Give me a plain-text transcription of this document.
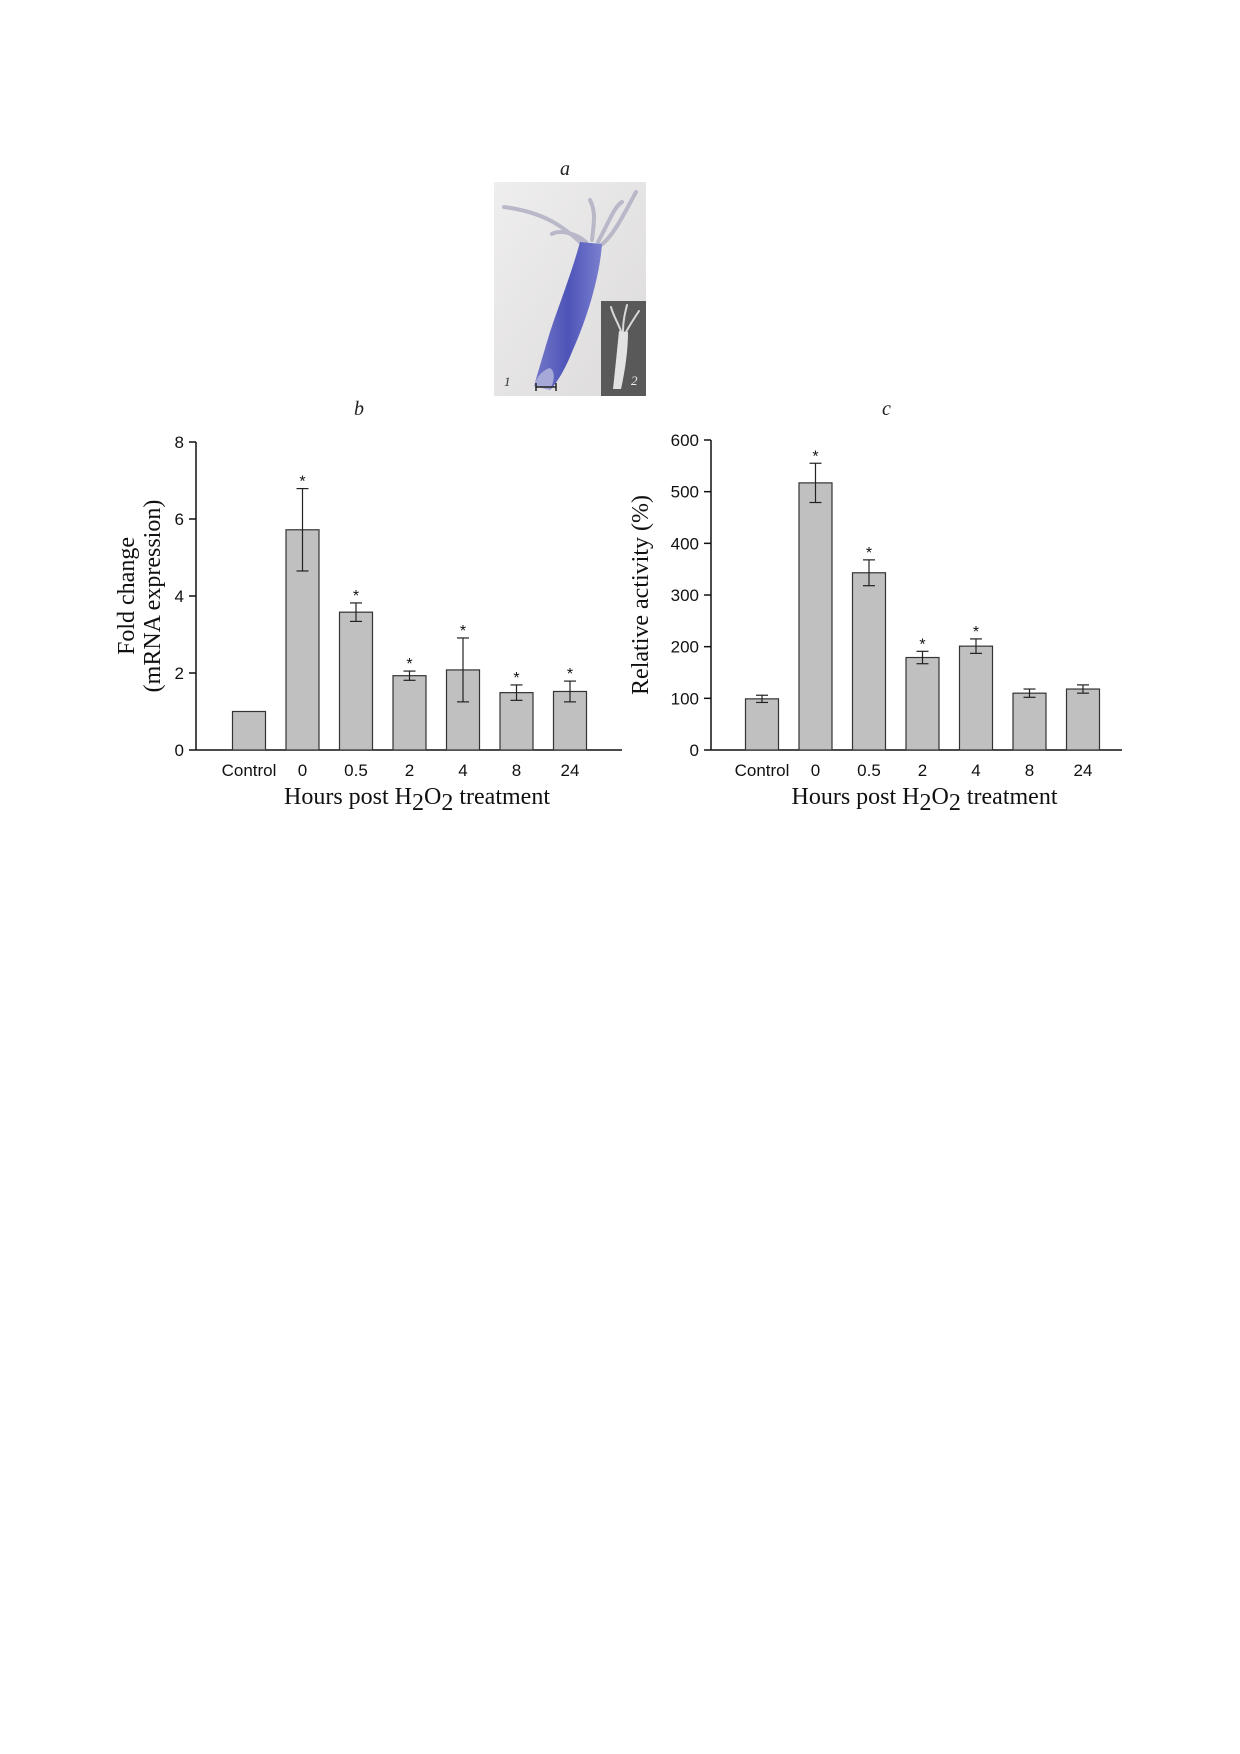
a
b	c
1	2
0
2
4
6
8
Control
*
0
*
0.5
*
2
*
4
*
8
*
24
Hours post H2O2 treatment
Fold change (mRNA expression)
0
100
200
300
400
500
600
Control
*
0
*
0.5
*
2
*
4	8 24
Hours post H2O2 treatment
Relative activity (%)
